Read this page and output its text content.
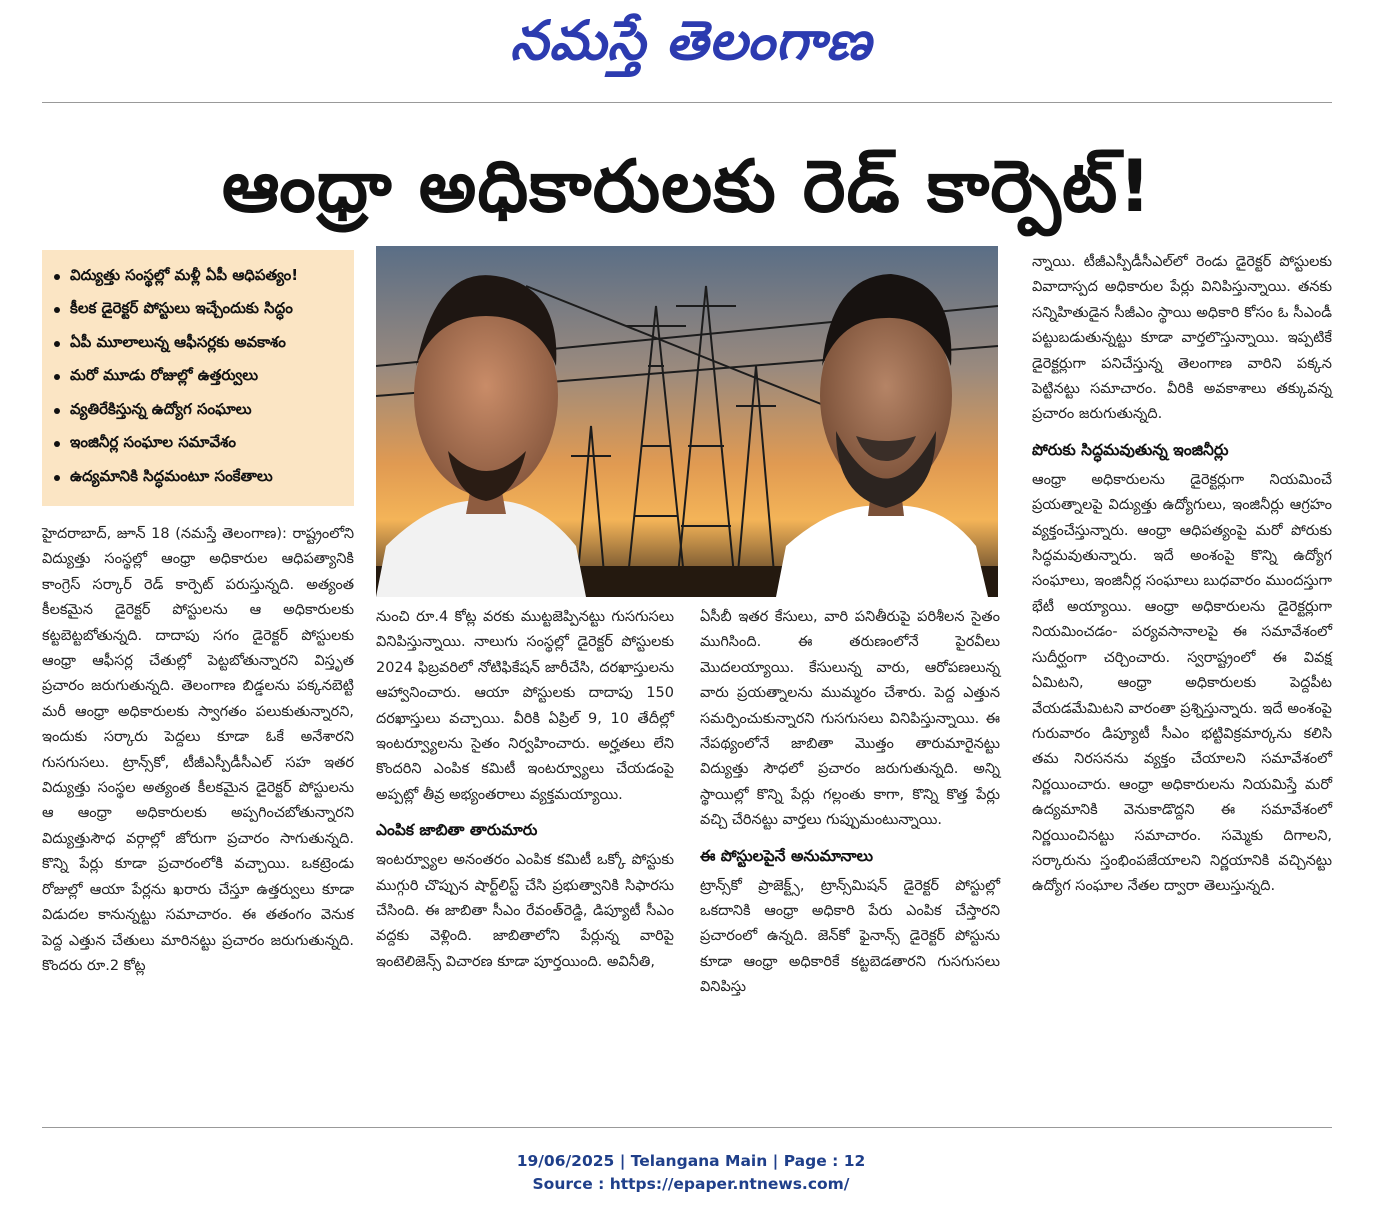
నమస్తే తెలంగాణ
ఆంధ్రా అధికారులకు రెడ్ కార్పెట్!
విద్యుత్తు సంస్థల్లో మళ్లీ ఏపీ ఆధిపత్యం!
కీలక డైరెక్టర్ పోస్టులు ఇచ్చేందుకు సిద్ధం
ఏపీ మూలాలున్న ఆఫీసర్లకు అవకాశం
మరో మూడు రోజుల్లో ఉత్తర్వులు
వ్యతిరేకిస్తున్న ఉద్యోగ సంఘాలు
ఇంజినీర్ల సంఘాల సమావేశం
ఉద్యమానికి సిద్ధమంటూ సంకేతాలు

హైదరాబాద్, జూన్ 18 (నమస్తే తెలంగాణ): రాష్ట్రంలోని విద్యుత్తు సంస్థల్లో ఆంధ్రా అధికారుల ఆధిపత్యానికి కాంగ్రెస్ సర్కార్ రెడ్ కార్పెట్ పరుస్తున్నది. అత్యంత కీలకమైన డైరెక్టర్ పోస్టులను ఆ అధికారులకు కట్టబెట్టబోతున్నది. దాదాపు సగం డైరెక్టర్ పోస్టులకు ఆంధ్రా ఆఫీసర్ల చేతుల్లో పెట్టబోతున్నారని విస్తృత ప్రచారం జరుగుతున్నది. తెలంగాణ బిడ్డలను పక్కనబెట్టి మరీ ఆంధ్రా అధికారులకు స్వాగతం పలుకుతున్నారని, ఇందుకు సర్కారు పెద్దలు కూడా ఓకే అనేశారని గుసగుసలు. ట్రాన్స్‌కో, టీజీఎస్పీడీసీఎల్ సహ ఇతర విద్యుత్తు సంస్థల అత్యంత కీలకమైన డైరెక్టర్ పోస్టులను ఆ ఆంధ్రా అధికారులకు అప్పగించబోతున్నారని విద్యుత్తుసౌధ వర్గాల్లో జోరుగా ప్రచారం సాగుతున్నది. కొన్ని పేర్లు కూడా ప్రచారంలోకి వచ్చాయి. ఒకట్రెండు రోజుల్లో ఆయా పేర్లను ఖరారు చేస్తూ ఉత్తర్వులు కూడా విడుదల కానున్నట్టు సమాచారం. ఈ తతంగం వెనుక పెద్ద ఎత్తున చేతులు మారినట్టు ప్రచారం జరుగుతున్నది. కొందరు రూ.2 కోట్ల

నుంచి రూ.4 కోట్ల వరకు ముట్టజెప్పినట్టు గుసగుసలు వినిపిస్తున్నాయి. నాలుగు సంస్థల్లో డైరెక్టర్ పోస్టులకు 2024 ఫిబ్రవరిలో నోటిఫికేషన్ జారీచేసి, దరఖాస్తులను ఆహ్వానించారు. ఆయా పోస్టులకు దాదాపు 150 దరఖాస్తులు వచ్చాయి. వీరికి ఏప్రిల్ 9, 10 తేదీల్లో ఇంటర్వ్యూలను సైతం నిర్వహించారు. అర్హతలు లేని కొందరిని ఎంపిక కమిటీ ఇంటర్వ్యూలు చేయడంపై అప్పట్లో తీవ్ర అభ్యంతరాలు వ్యక్తమయ్యాయి.

ఎంపిక జాబితా తారుమారు

ఇంటర్వ్యూల అనంతరం ఎంపిక కమిటీ ఒక్కో పోస్టుకు ముగ్గురి చొప్పున షార్ట్‌లిస్ట్ చేసి ప్రభుత్వానికి సిఫారసు చేసింది. ఈ జాబితా సీఎం రేవంత్‌రెడ్డి, డిప్యూటీ సీఎం వద్దకు వెళ్లింది. జాబితాలోని పేర్లున్న వారిపై ఇంటెలిజెన్స్ విచారణ కూడా పూర్తయింది. అవినీతి,

ఏసీబీ ఇతర కేసులు, వారి పనితీరుపై పరిశీలన సైతం ముగిసింది. ఈ తరుణంలోనే పైరవీలు మొదలయ్యాయి. కేసులున్న వారు, ఆరోపణలున్న వారు ప్రయత్నాలను ముమ్మరం చేశారు. పెద్ద ఎత్తున సమర్పించుకున్నారని గుసగుసలు వినిపిస్తున్నాయి. ఈ నేపథ్యంలోనే జాబితా మొత్తం తారుమారైనట్టు విద్యుత్తు సౌధలో ప్రచారం జరుగుతున్నది. అన్ని స్థాయిల్లో కొన్ని పేర్లు గల్లంతు కాగా, కొన్ని కొత్త పేర్లు వచ్చి చేరినట్టు వార్తలు గుప్పుమంటున్నాయి.

ఈ పోస్టులపైనే అనుమానాలు

ట్రాన్స్‌కో ప్రాజెక్ట్స్, ట్రాన్స్‌మిషన్ డైరెక్టర్ పోస్టుల్లో ఒకదానికి ఆంధ్రా అధికారి పేరు ఎంపిక చేస్తారని ప్రచారంలో ఉన్నది. జెన్‌కో ఫైనాన్స్ డైరెక్టర్ పోస్టును కూడా ఆంధ్రా అధికారికే కట్టబెడతారని గుసగుసలు వినిపిస్తు

న్నాయి. టీజీఎస్పీడీసీఎల్‌లో రెండు డైరెక్టర్ పోస్టులకు వివాదాస్పద అధికారుల పేర్లు వినిపిస్తున్నాయి. తనకు సన్నిహితుడైన సీజీఎం స్థాయి అధికారి కోసం ఓ సీఎండీ పట్టుబడుతున్నట్టు కూడా వార్తలొస్తున్నాయి. ఇప్పటికే డైరెక్టర్లుగా పనిచేస్తున్న తెలంగాణ వారిని పక్కన పెట్టినట్టు సమాచారం. వీరికి అవకాశాలు తక్కువన్న ప్రచారం జరుగుతున్నది.

పోరుకు సిద్ధమవుతున్న ఇంజినీర్లు

ఆంధ్రా అధికారులను డైరెక్టర్లుగా నియమించే ప్రయత్నాలపై విద్యుత్తు ఉద్యోగులు, ఇంజినీర్లు ఆగ్రహం వ్యక్తంచేస్తున్నారు. ఆంధ్రా ఆధిపత్యంపై మరో పోరుకు సిద్ధమవుతున్నారు. ఇదే అంశంపై కొన్ని ఉద్యోగ సంఘాలు, ఇంజినీర్ల సంఘాలు బుధవారం ముందస్తుగా భేటీ అయ్యాయి. ఆంధ్రా అధికారులను డైరెక్టర్లుగా నియమించడం- పర్యవసానాలపై ఈ సమావేశంలో సుదీర్ఘంగా చర్చించారు. స్వరాష్ట్రంలో ఈ వివక్ష ఏమిటని, ఆంధ్రా అధికారులకు పెద్దపీట వేయడమేమిటని వారంతా ప్రశ్నిస్తున్నారు. ఇదే అంశంపై గురువారం డిప్యూటీ సీఎం భట్టివిక్రమార్కను కలిసి తమ నిరసనను వ్యక్తం చేయాలని సమావేశంలో నిర్ణయించారు. ఆంధ్రా అధికారులను నియమిస్తే మరో ఉద్యమానికి వెనుకాడొద్దని ఈ సమావేశంలో నిర్ణయించినట్టు సమాచారం. సమ్మెకు దిగాలని, సర్కారును స్తంభింపజేయాలని నిర్ణయానికి వచ్చినట్టు ఉద్యోగ సంఘాల నేతల ద్వారా తెలుస్తున్నది.

19/06/2025 | Telangana Main | Page : 12
Source : https://epaper.ntnews.com/
